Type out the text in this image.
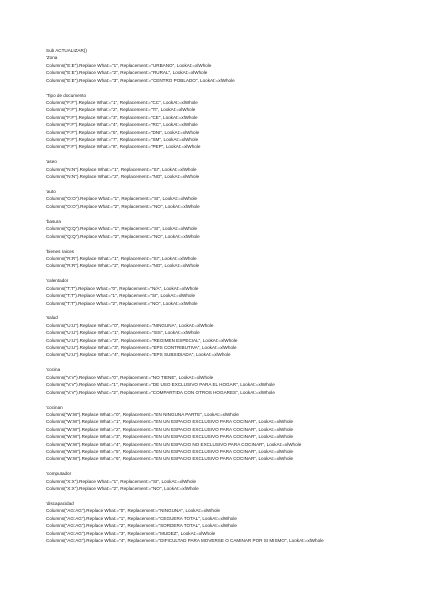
Sub ACTUALIZAR()
'Zona
Columns("E:E").Replace What:="1", Replacement:="URBANO", LookAt:=xlWhole
Columns("E:E").Replace What:="2", Replacement:="RURAL", LookAt:=xlWhole
Columns("E:E").Replace What:="3", Replacement:="CENTRO POBLADO", LookAt:=xlWhole
'Tipo de documento
Columns("F:F").Replace What:="1", Replacement:="CC", LookAt:=xlWhole
Columns("F:F").Replace What:="2", Replacement:="TI", LookAt:=xlWhole
Columns("F:F").Replace What:="3", Replacement:="CE", LookAt:=xlWhole
Columns("F:F").Replace What:="4", Replacement:="RC", LookAt:=xlWhole
Columns("F:F").Replace What:="5", Replacement:="DNI", LookAt:=xlWhole
Columns("F:F").Replace What:="7", Replacement:="SM", LookAt:=xlWhole
Columns("F:F").Replace What:="8", Replacement:="PEP", LookAt:=xlWhole
'aseo
Columns("N:N").Replace What:="1", Replacement:="SI", LookAt:=xlWhole
Columns("N:N").Replace What:="2", Replacement:="NO", LookAt:=xlWhole
'auto
Columns("O:O").Replace What:="1", Replacement:="SI", LookAt:=xlWhole
Columns("O:O").Replace What:="2", Replacement:="NO", LookAt:=xlWhole
'basura
Columns("Q:Q").Replace What:="1", Replacement:="SI", LookAt:=xlWhole
Columns("Q:Q").Replace What:="2", Replacement:="NO", LookAt:=xlWhole
'bienes raices
Columns("R:R").Replace What:="1", Replacement:="SI", LookAt:=xlWhole
Columns("R:R").Replace What:="2", Replacement:="NO", LookAt:=xlWhole
'calentador
Columns("T:T").Replace What:="0", Replacement:="N/A", LookAt:=xlWhole
Columns("T:T").Replace What:="1", Replacement:="SI", LookAt:=xlWhole
Columns("T:T").Replace What:="2", Replacement:="NO", LookAt:=xlWhole
'salud
Columns("U:U").Replace What:="0", Replacement:="NINGUNA", LookAt:=xlWhole
Columns("U:U").Replace What:="1", Replacement:="ISS", LookAt:=xlWhole
Columns("U:U").Replace What:="2", Replacement:="REGIMEN ESPECIAL", LookAt:=xlWhole
Columns("U:U").Replace What:="3", Replacement:="EPS CONTRIBUTIVA", LookAt:=xlWhole
Columns("U:U").Replace What:="4", Replacement:="EPS SUBSIDIADA", LookAt:=xlWhole
'cocina
Columns("V:V").Replace What:="0", Replacement:="NO TIENE", LookAt:=xlWhole
Columns("V:V").Replace What:="1", Replacement:="DE USO EXCLUSIVO PARA EL HOGAR", LookAt:=xlWhole
Columns("V:V").Replace What:="2", Replacement:="COMPARTIDA CON OTROS HOGARES", LookAt:=xlWhole
'cocinan
Columns("W:W").Replace What:="0", Replacement:="EN NINGUNA PARTE", LookAt:=xlWhole
Columns("W:W").Replace What:="1", Replacement:="EN UN ESPACIO EXCLUSIVO PARA COCINAR", LookAt:=xlWhole
Columns("W:W").Replace What:="2", Replacement:="EN UN ESPACIO EXCLUSIVO PARA COCINAR", LookAt:=xlWhole
Columns("W:W").Replace What:="3", Replacement:="EN UN ESPACIO EXCLUSIVO PARA COCINAR", LookAt:=xlWhole
Columns("W:W").Replace What:="4", Replacement:="EN UN ESPACIO NO EXCLUSIVO PARA COCINAR", LookAt:=xlWhole
Columns("W:W").Replace What:="5", Replacement:="EN UN ESPACIO EXCLUSIVO PARA COCINAR", LookAt:=xlWhole
Columns("W:W").Replace What:="6", Replacement:="EN UN ESPACIO EXCLUSIVO PARA COCINAR", LookAt:=xlWhole
'computador
Columns("X:X").Replace What:="1", Replacement:="SI", LookAt:=xlWhole
Columns("X:X").Replace What:="2", Replacement:="NO", LookAt:=xlWhole
'discapacidad
Columns("AG:AG").Replace What:="0", Replacement:="NINGUNA", LookAt:=xlWhole
Columns("AG:AG").Replace What:="1", Replacement:="CEGUERA TOTAL", LookAt:=xlWhole
Columns("AG:AG").Replace What:="2", Replacement:="SORDERA TOTAL", LookAt:=xlWhole
Columns("AG:AG").Replace What:="3", Replacement:="MUDEZ", LookAt:=xlWhole
Columns("AG:AG").Replace What:="4", Replacement:="DIFICULTAD PARA MOVERSE O CAMINAR POR SI MISMO", LookAt:=xlWhole
